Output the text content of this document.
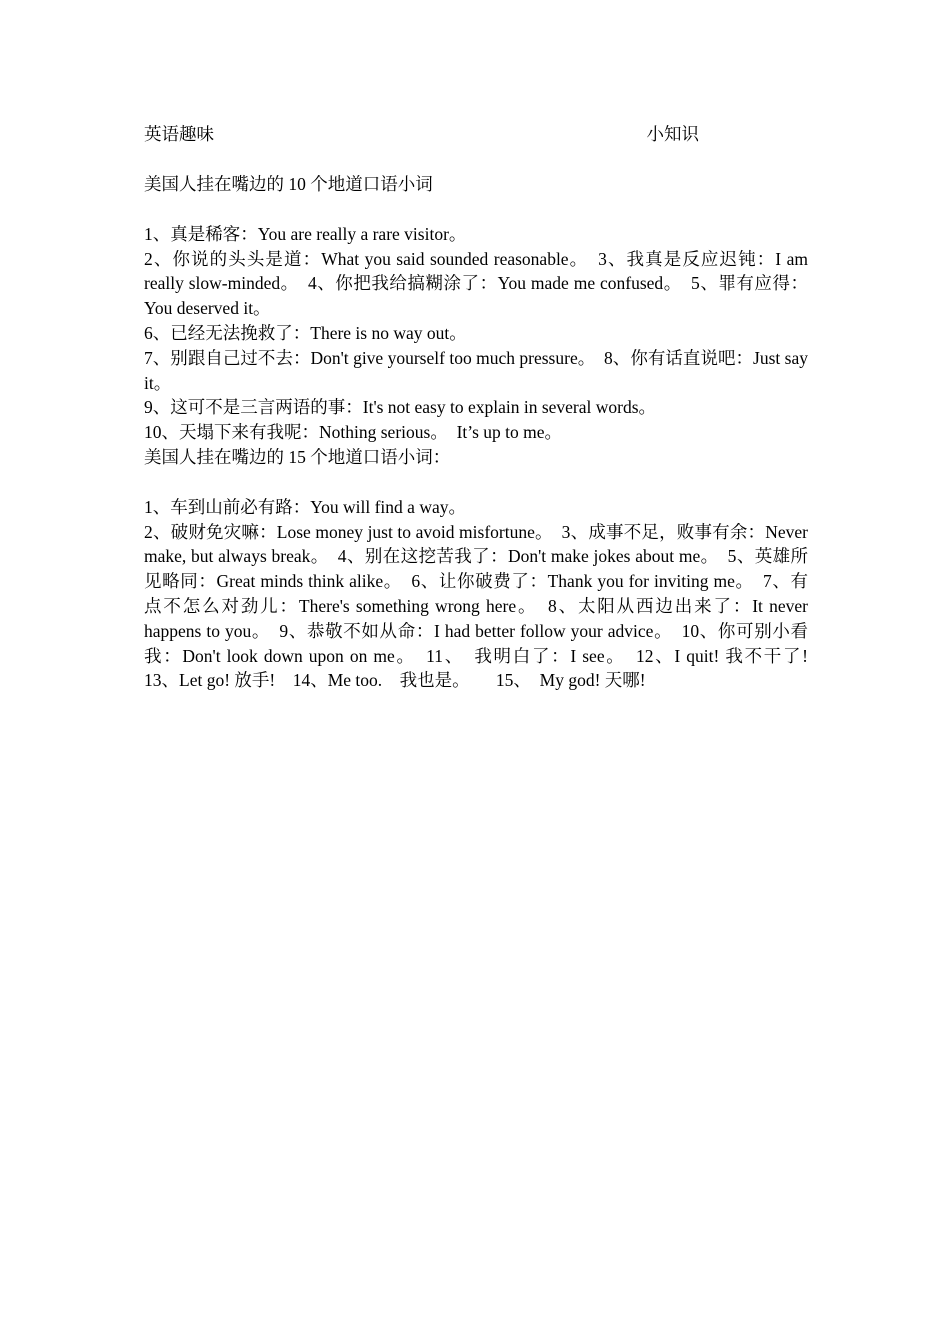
英语趣味	小知识

美国人挂在嘴边的 10 个地道口语小词

1、真是稀客：You are really a rare visitor。

2、你说的头头是道：What you said sounded reasonable。　3、我真是反应迟钝：I am really slow-minded。　4、你把我给搞糊涂了：You made me confused。　5、罪有应得：You deserved it。

6、已经无法挽救了：There is no way out。

7、别跟自己过不去：Don't give yourself too much pressure。　8、你有话直说吧：Just say it。

9、这可不是三言两语的事：It's not easy to explain in several words。

10、天塌下来有我呢：Nothing serious。　It’s up to me。

美国人挂在嘴边的 15 个地道口语小词：

1、车到山前必有路：You will find a way。

2、破财免灾嘛：Lose money just to avoid misfortune。　3、成事不足，败事有余：Never make, but always break。　4、别在这挖苦我了：Don't make jokes about me。　5、英雄所见略同：Great minds think alike。　6、让你破费了：Thank you for inviting me。　7、有点不怎么对劲儿：There's something wrong here。　8、太阳从西边出来了：It never happens to you。　9、恭敬不如从命：I had better follow your advice。　10、你可别小看我：Don't look down upon on me。　11、　我明白了：I see。　12、I quit! 我不干了!　13、Let go! 放手!　14、Me too.　我也是。　　15、　My god! 天哪!
